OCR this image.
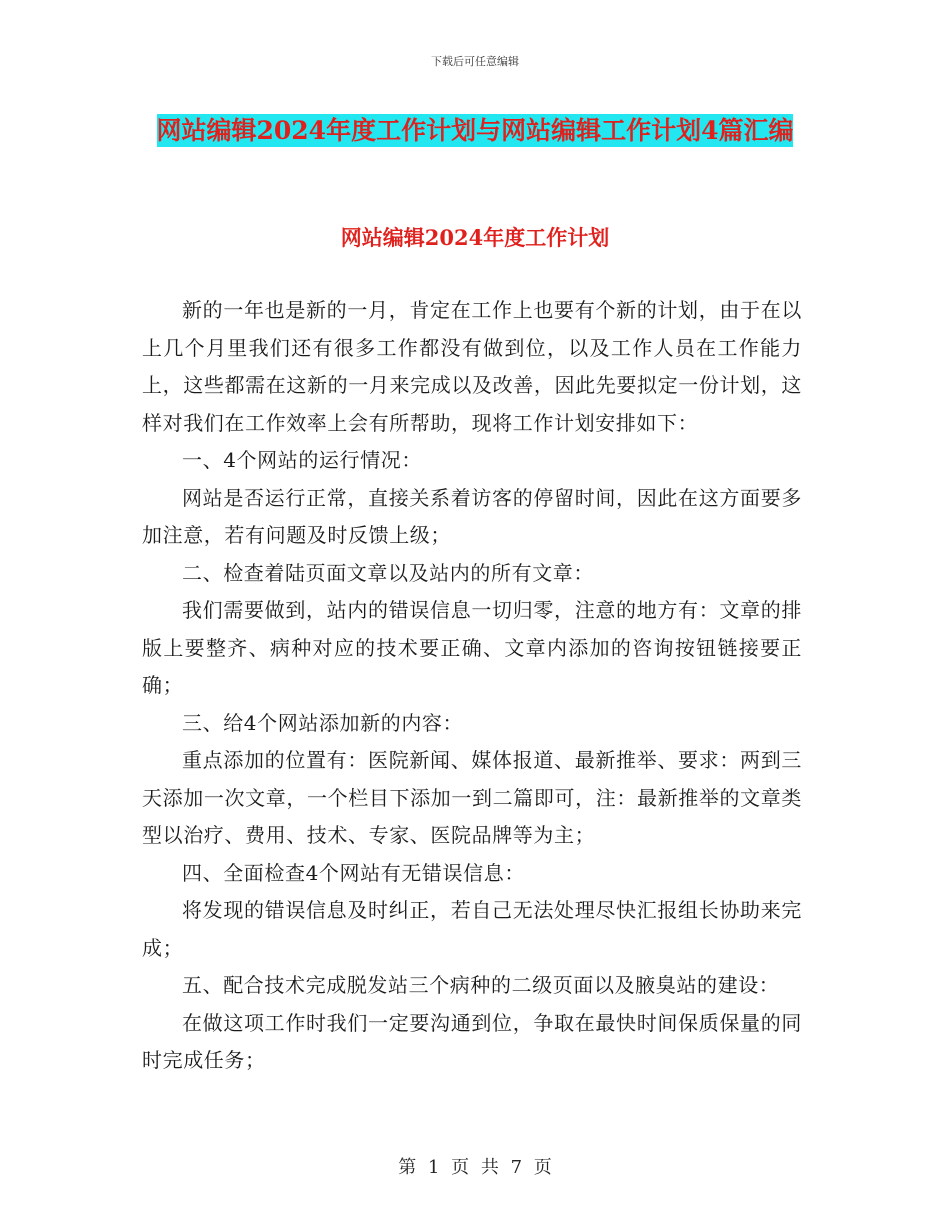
下载后可任意编辑
网站编辑2024年度工作计划与网站编辑工作计划4篇汇编
网站编辑2024年度工作计划

新的一年也是新的一月，肯定在工作上也要有个新的计划，由于在以上几个月里我们还有很多工作都没有做到位，以及工作人员在工作能力上，这些都需在这新的一月来完成以及改善，因此先要拟定一份计划，这样对我们在工作效率上会有所帮助，现将工作计划安排如下：

一、4个网站的运行情况：

网站是否运行正常，直接关系着访客的停留时间，因此在这方面要多加注意，若有问题及时反馈上级；

二、检查着陆页面文章以及站内的所有文章：

我们需要做到，站内的错误信息一切归零，注意的地方有：文章的排版上要整齐、病种对应的技术要正确、文章内添加的咨询按钮链接要正确；

三、给4个网站添加新的内容：

重点添加的位置有：医院新闻、媒体报道、最新推举、要求：两到三天添加一次文章，一个栏目下添加一到二篇即可，注：最新推举的文章类型以治疗、费用、技术、专家、医院品牌等为主；

四、全面检查4个网站有无错误信息：

将发现的错误信息及时纠正，若自己无法处理尽快汇报组长协助来完成；

五、配合技术完成脱发站三个病种的二级页面以及腋臭站的建设：

在做这项工作时我们一定要沟通到位，争取在最快时间保质保量的同时完成任务；

第 1 页 共 7 页
